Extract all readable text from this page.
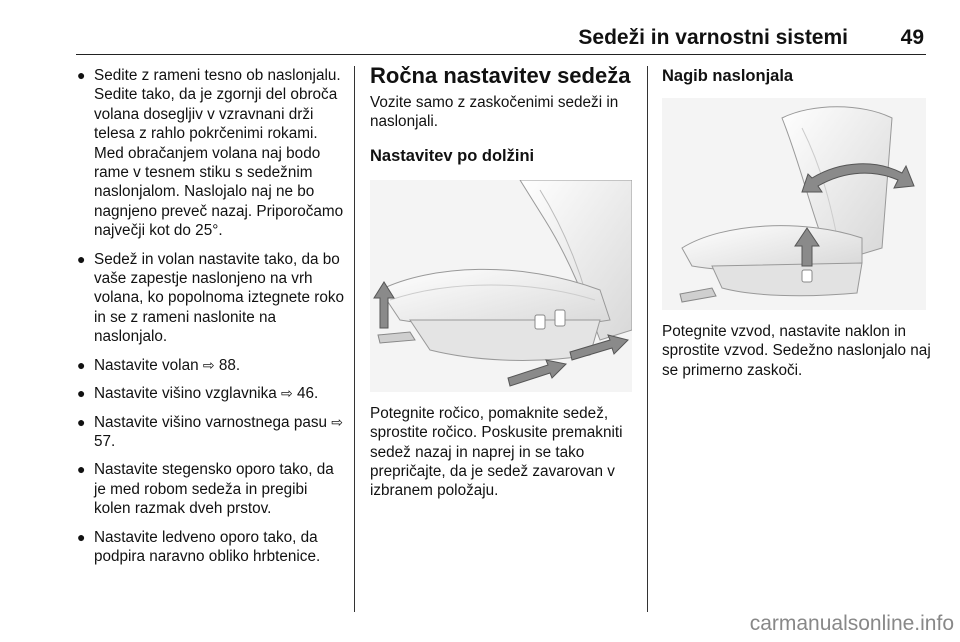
Sedeži in varnostni sistemi	49
● Sedite z rameni tesno ob naslonjalu. Sedite tako, da je zgornji del obroča volana dosegljiv v vzravnani drži telesa z rahlo pokrčenimi rokami. Med obračanjem volana naj bodo rame v tesnem stiku s sedežnim naslonjalom. Naslojalo naj ne bo nagnjeno preveč nazaj. Priporočamo največji kot do 25°.
● Sedež in volan nastavite tako, da bo vaše zapestje naslonjeno na vrh volana, ko popolnoma iztegnete roko in se z rameni naslonite na naslonjalo.
● Nastavite volan ⇨ 88.
● Nastavite višino vzglavnika ⇨ 46.
● Nastavite višino varnostnega pasu ⇨ 57.
● Nastavite stegensko oporo tako, da je med robom sedeža in pregibi kolen razmak dveh prstov.
● Nastavite ledveno oporo tako, da podpira naravno obliko hrbtenice.
Ročna nastavitev sedeža

Vozite samo z zaskočenimi sedeži in naslonjali.

Nastavitev po dolžini

Potegnite ročico, pomaknite sedež, sprostite ročico. Poskusite premakniti sedež nazaj in naprej in se tako prepričajte, da je sedež zavarovan v izbranem položaju.

Nagib naslonjala

Potegnite vzvod, nastavite naklon in sprostite vzvod. Sedežno naslonjalo naj se primerno zaskoči.

carmanualsonline.info
